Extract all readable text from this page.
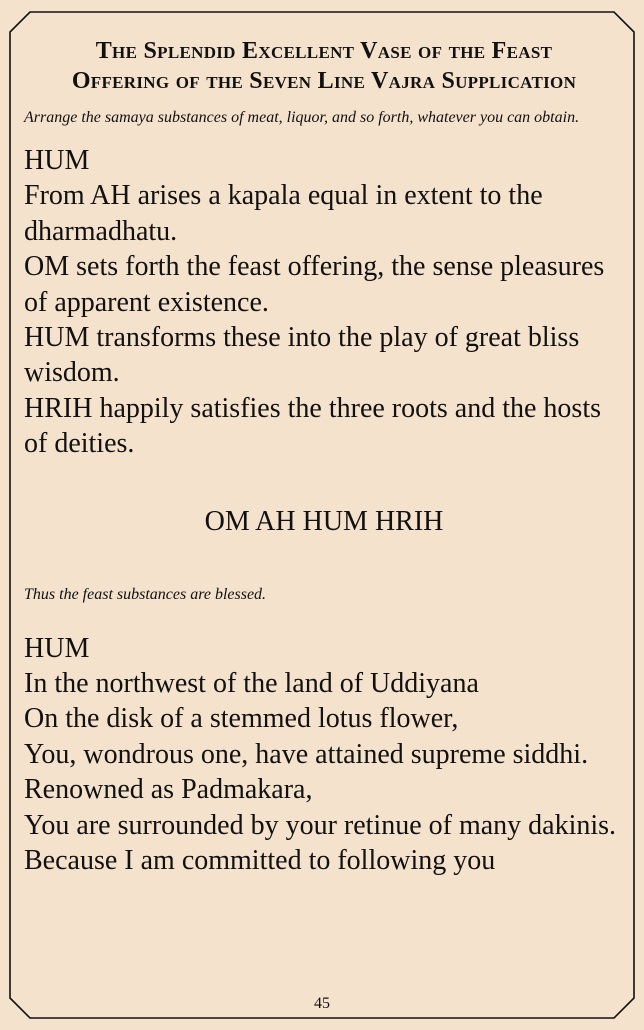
The Splendid Excellent Vase of the Feast
Offering of the Seven Line Vajra Supplication

Arrange the samaya substances of meat, liquor, and so forth, whatever you can obtain.

HUM

From AH arises a kapala equal in extent to the dharmadhatu.

OM sets forth the feast offering, the sense pleasures of apparent existence.

HUM transforms these into the play of great bliss wisdom.

HRIH happily satisfies the three roots and the hosts of deities.

OM AH HUM HRIH

Thus the feast substances are blessed.

HUM

In the northwest of the land of Uddiyana

On the disk of a stemmed lotus flower,

You, wondrous one, have attained supreme siddhi.

Renowned as Padmakara,

You are surrounded by your retinue of many dakinis.

Because I am committed to following you

45
